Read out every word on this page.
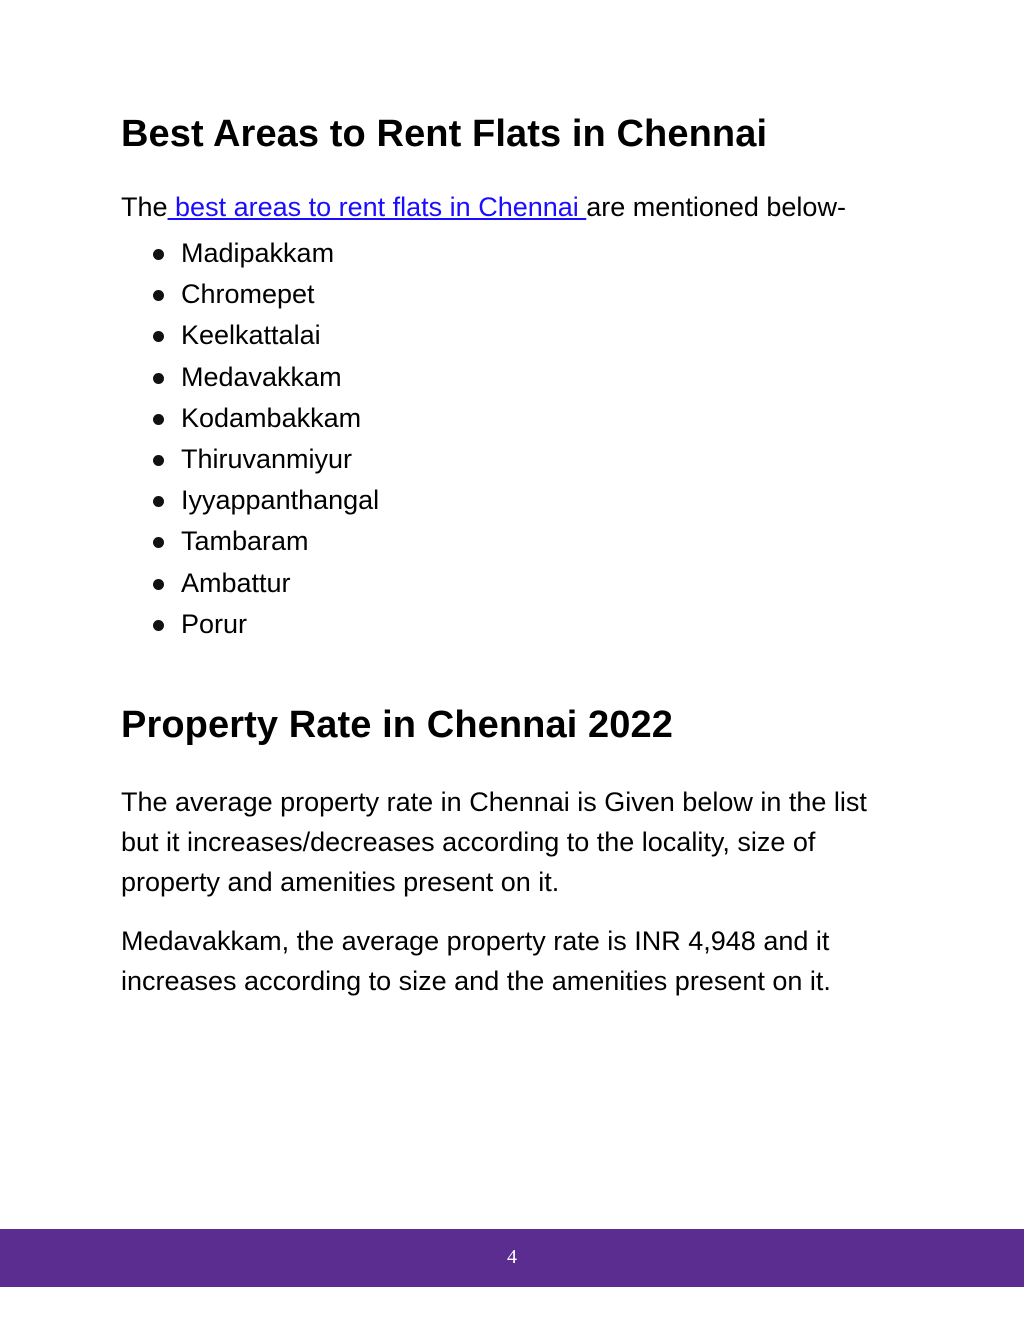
Best Areas to Rent Flats in Chennai

The best areas to rent flats in Chennai are mentioned below-

Madipakkam
Chromepet
Keelkattalai
Medavakkam
Kodambakkam
Thiruvanmiyur
Iyyappanthangal
Tambaram
Ambattur
Porur
Property Rate in Chennai 2022

The average property rate in Chennai is Given below in the list but it increases/decreases according to the locality, size of property and amenities present on it.

Medavakkam, the average property rate is INR 4,948 and it increases according to size and the amenities present on it.

4
